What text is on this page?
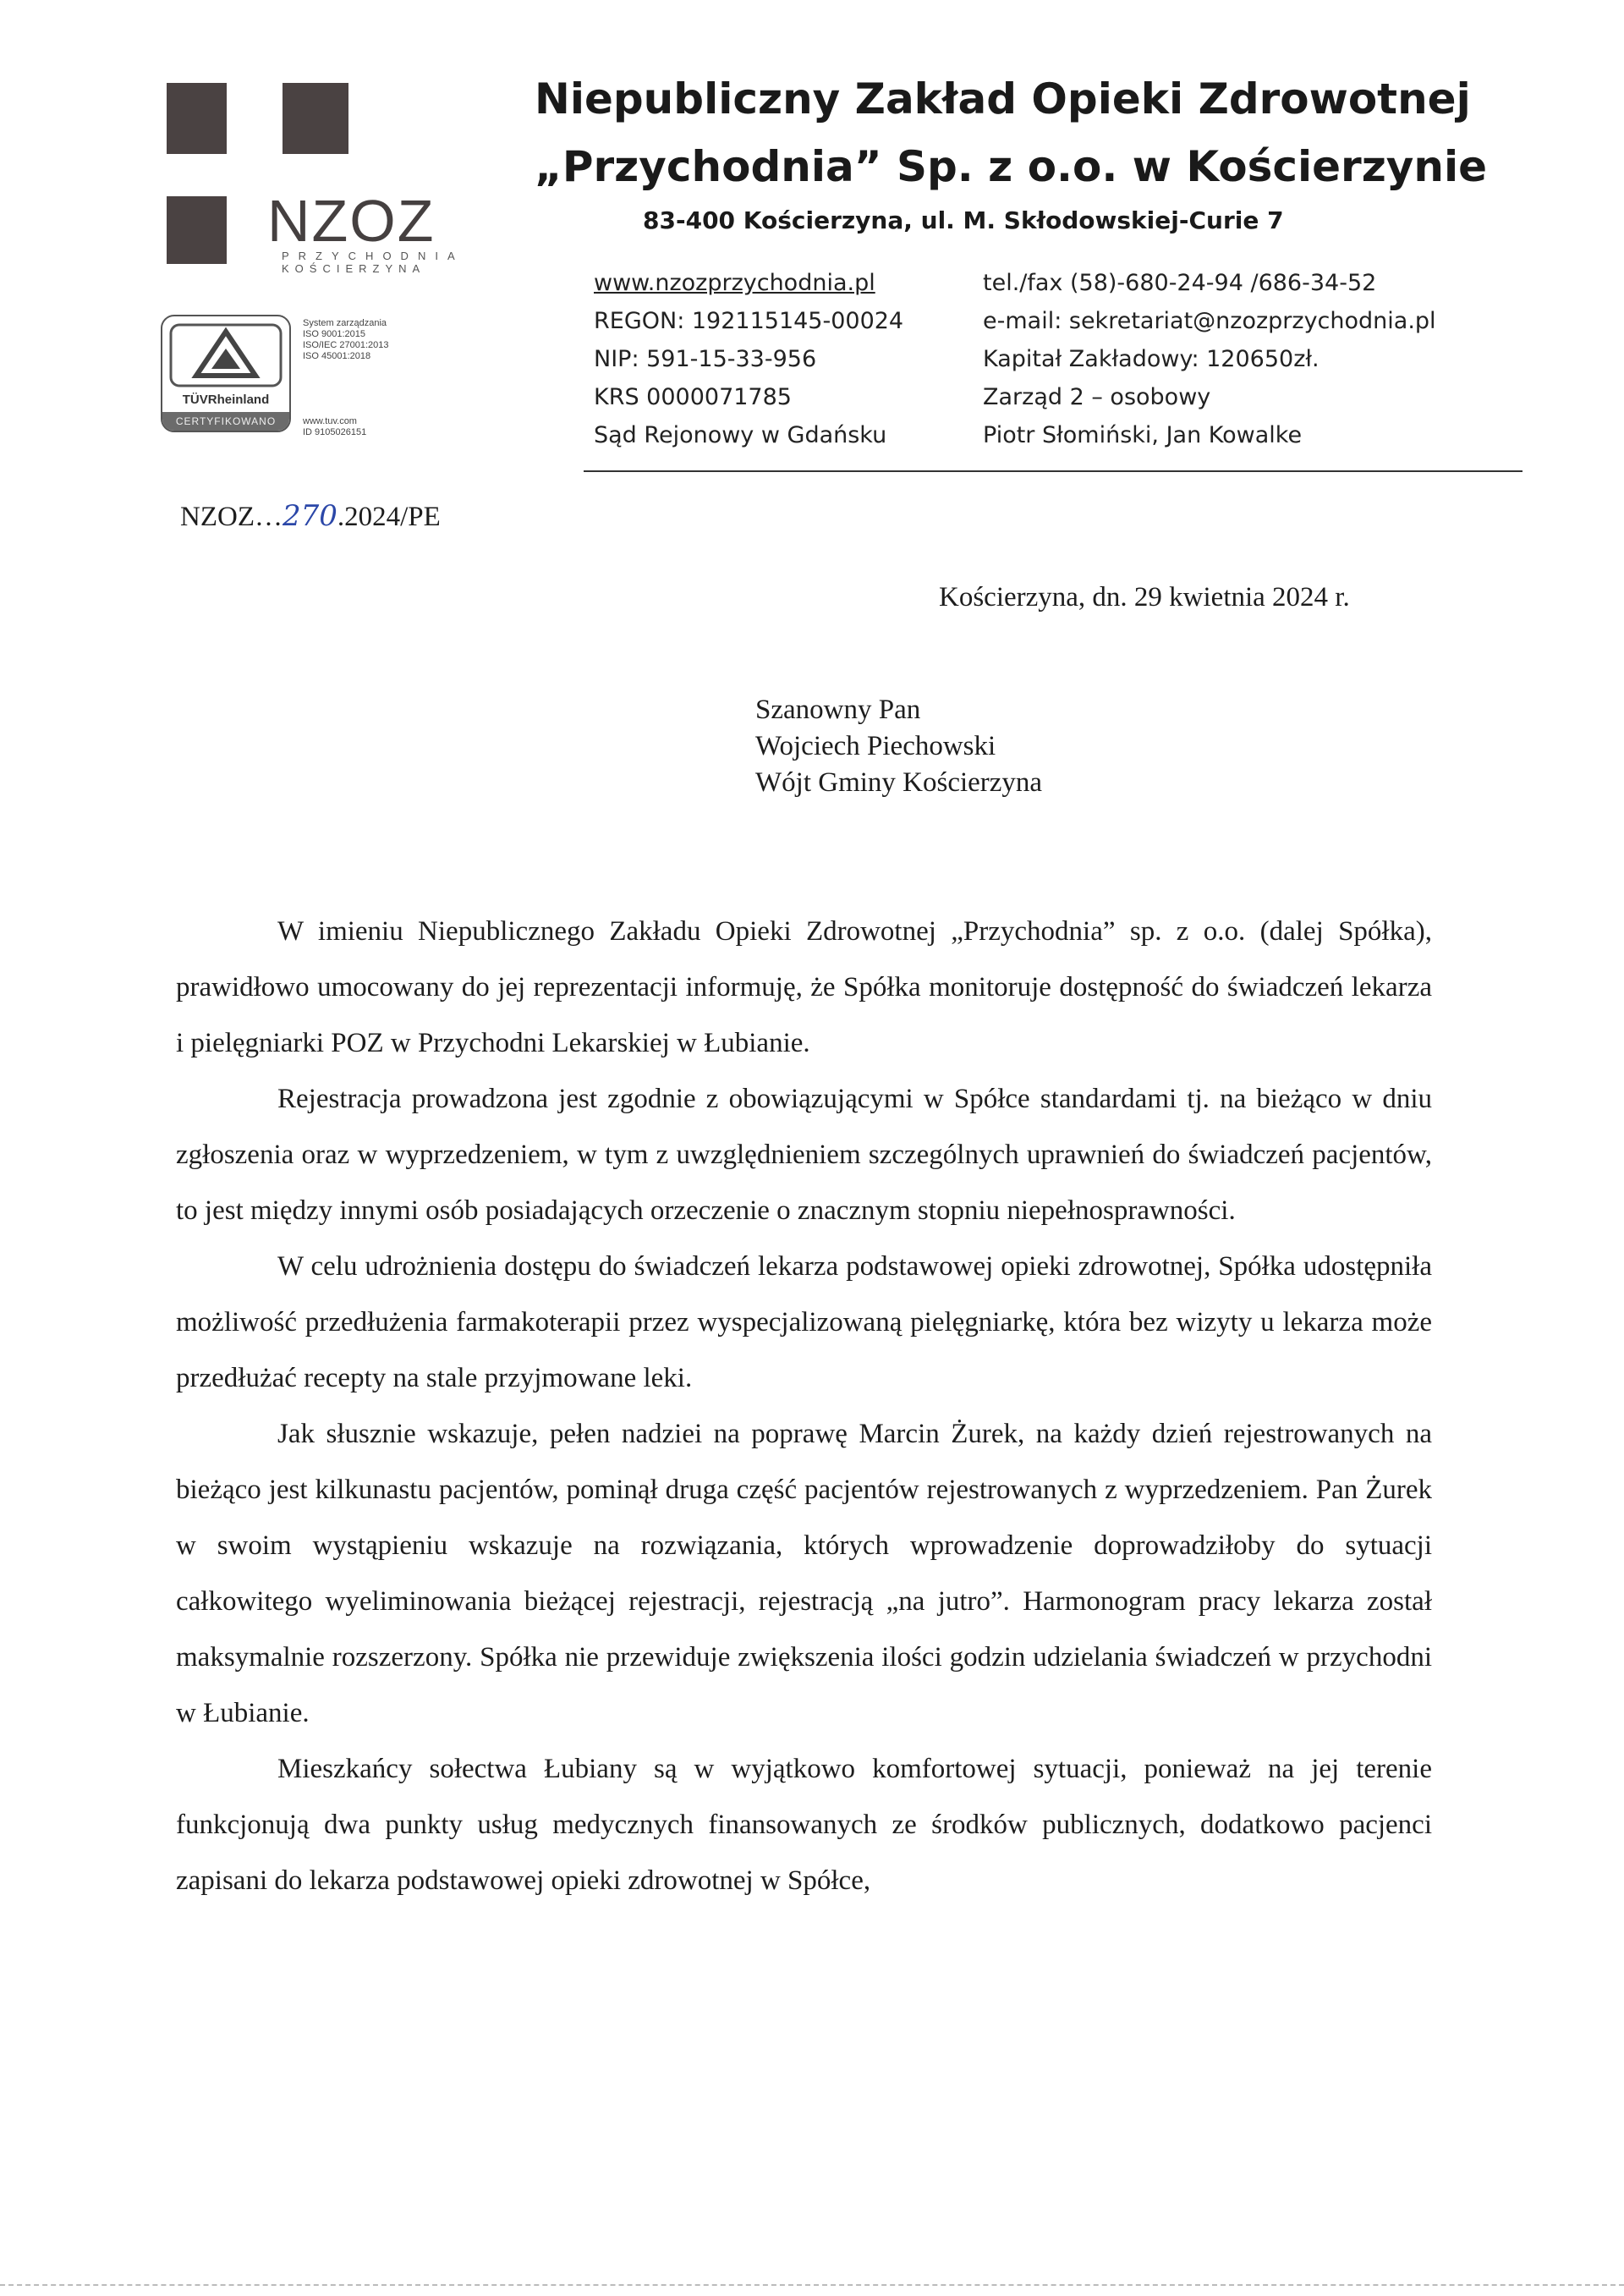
NZOZ
PRZYCHODNIA
KOŚCIERZYNA
TÜVRheinland
CERTYFIKOWANO
System zarządzania
ISO 9001:2015
ISO/IEC 27001:2013
ISO 45001:2018
www.tuv.com
ID 9105026151
Niepubliczny Zakład Opieki Zdrowotnej
„Przychodnia” Sp. z o.o. w Kościerzynie
83-400 Kościerzyna, ul. M. Skłodowskiej-Curie 7
www.nzozprzychodnia.pl
REGON: 192115145-00024
NIP: 591-15-33-956
KRS 0000071785
Sąd Rejonowy w Gdańsku
tel./fax (58)-680-24-94 /686-34-52
e-mail: sekretariat@nzozprzychodnia.pl
Kapitał Zakładowy: 120650zł.
Zarząd 2 – osobowy
Piotr Słomiński, Jan Kowalke
NZOZ…270.2024/PE
Kościerzyna, dn. 29 kwietnia 2024 r.
Szanowny Pan
Wojciech Piechowski
Wójt Gminy Kościerzyna

W imieniu Niepublicznego Zakładu Opieki Zdrowotnej „Przychodnia” sp. z o.o. (dalej Spółka), prawidłowo umocowany do jej reprezentacji informuję, że Spółka monitoruje dostępność do świadczeń lekarza i pielęgniarki POZ w Przychodni Lekarskiej w Łubianie.

Rejestracja prowadzona jest zgodnie z obowiązującymi w Spółce standardami tj. na bieżąco w dniu zgłoszenia oraz w wyprzedzeniem, w tym z uwzględnieniem szczególnych uprawnień do świadczeń pacjentów, to jest między innymi osób posiadających orzeczenie o znacznym stopniu niepełnosprawności.

W celu udrożnienia dostępu do świadczeń lekarza podstawowej opieki zdrowotnej, Spółka udostępniła możliwość przedłużenia farmakoterapii przez wyspecjalizowaną pielęgniarkę, która bez wizyty u lekarza może przedłużać recepty na stale przyjmowane leki.

Jak słusznie wskazuje, pełen nadziei na poprawę Marcin Żurek, na każdy dzień rejestrowanych na bieżąco jest kilkunastu pacjentów, pominął druga część pacjentów rejestrowanych z wyprzedzeniem. Pan Żurek w swoim wystąpieniu wskazuje na rozwiązania, których wprowadzenie doprowadziłoby do sytuacji całkowitego wyeliminowania bieżącej rejestracji, rejestracją „na jutro”. Harmonogram pracy lekarza został maksymalnie rozszerzony. Spółka nie przewiduje zwiększenia ilości godzin udzielania świadczeń w przychodni w Łubianie.

Mieszkańcy sołectwa Łubiany są w wyjątkowo komfortowej sytuacji, ponieważ na jej terenie funkcjonują dwa punkty usług medycznych finansowanych ze środków publicznych, dodatkowo pacjenci zapisani do lekarza podstawowej opieki zdrowotnej w Spółce,
